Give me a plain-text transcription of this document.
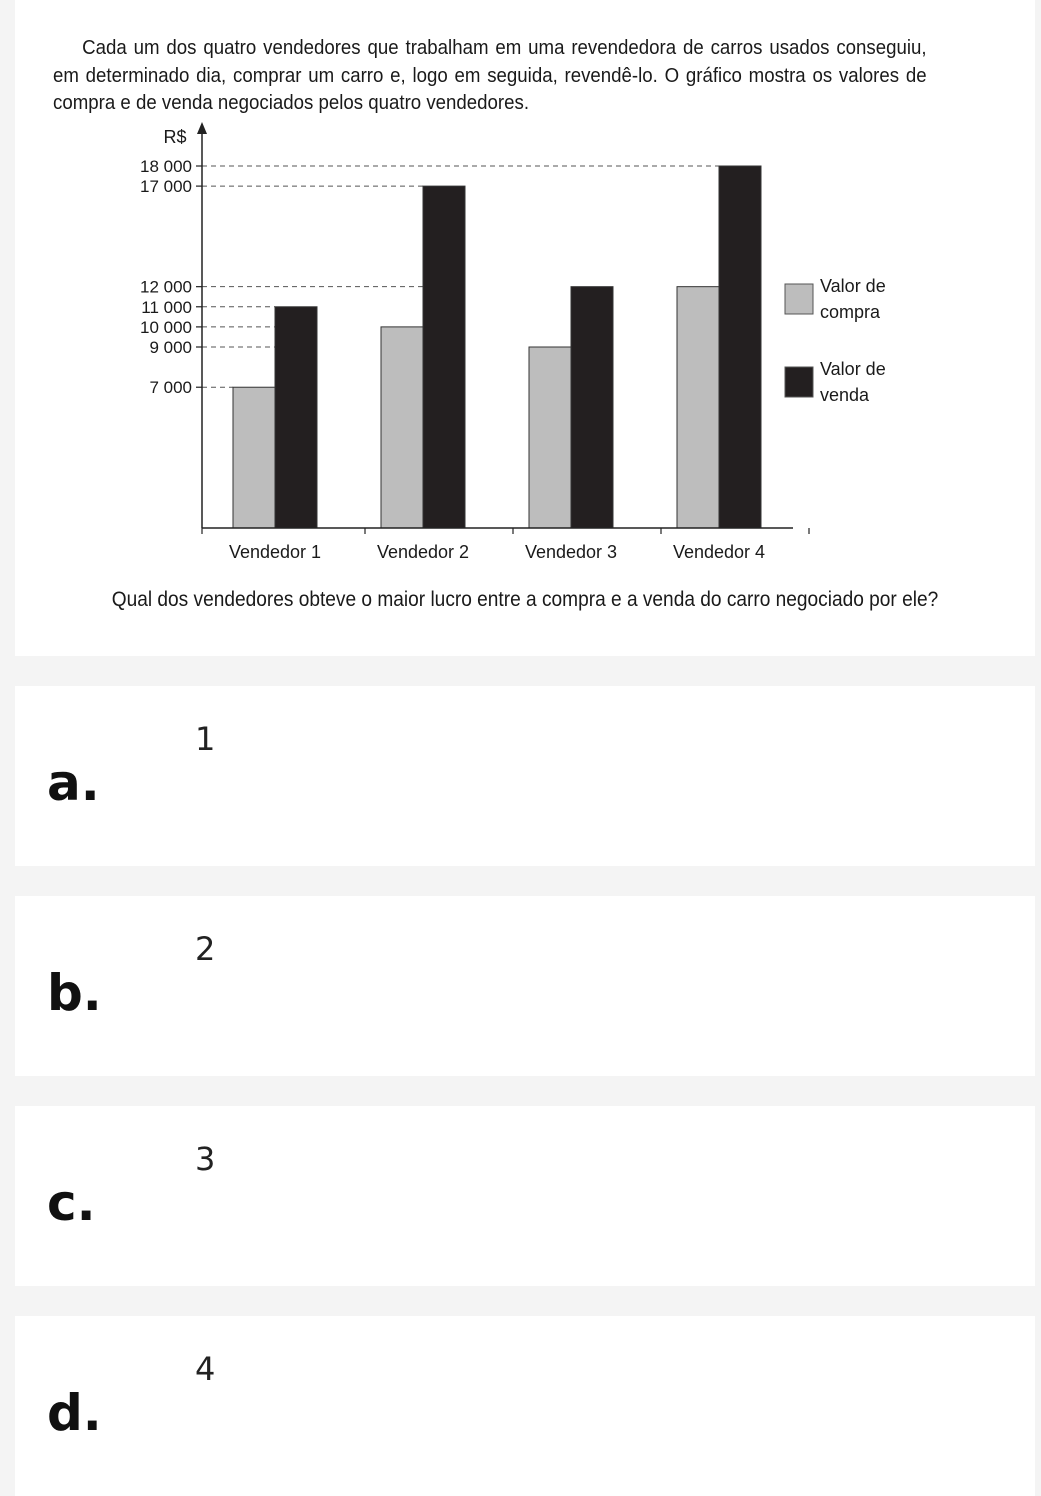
Cada um dos quatro vendedores que trabalham em uma revendedora de carros usados conseguiu, em determinado dia, comprar um carro e, logo em seguida, revendê-lo. O gráfico mostra os valores de compra e de venda negociados pelos quatro vendedores.
18 000
17 000
12 000
11 000
10 000
9 000
7 000
Vendedor 1	Vendedor 2	Vendedor 3	Vendedor 4
R$
Valor de
compra
Valor de
venda
Qual dos vendedores obteve o maior lucro entre a compra e a venda do carro negociado por ele?
a.
1
b.
2
c.
3
d.
4
